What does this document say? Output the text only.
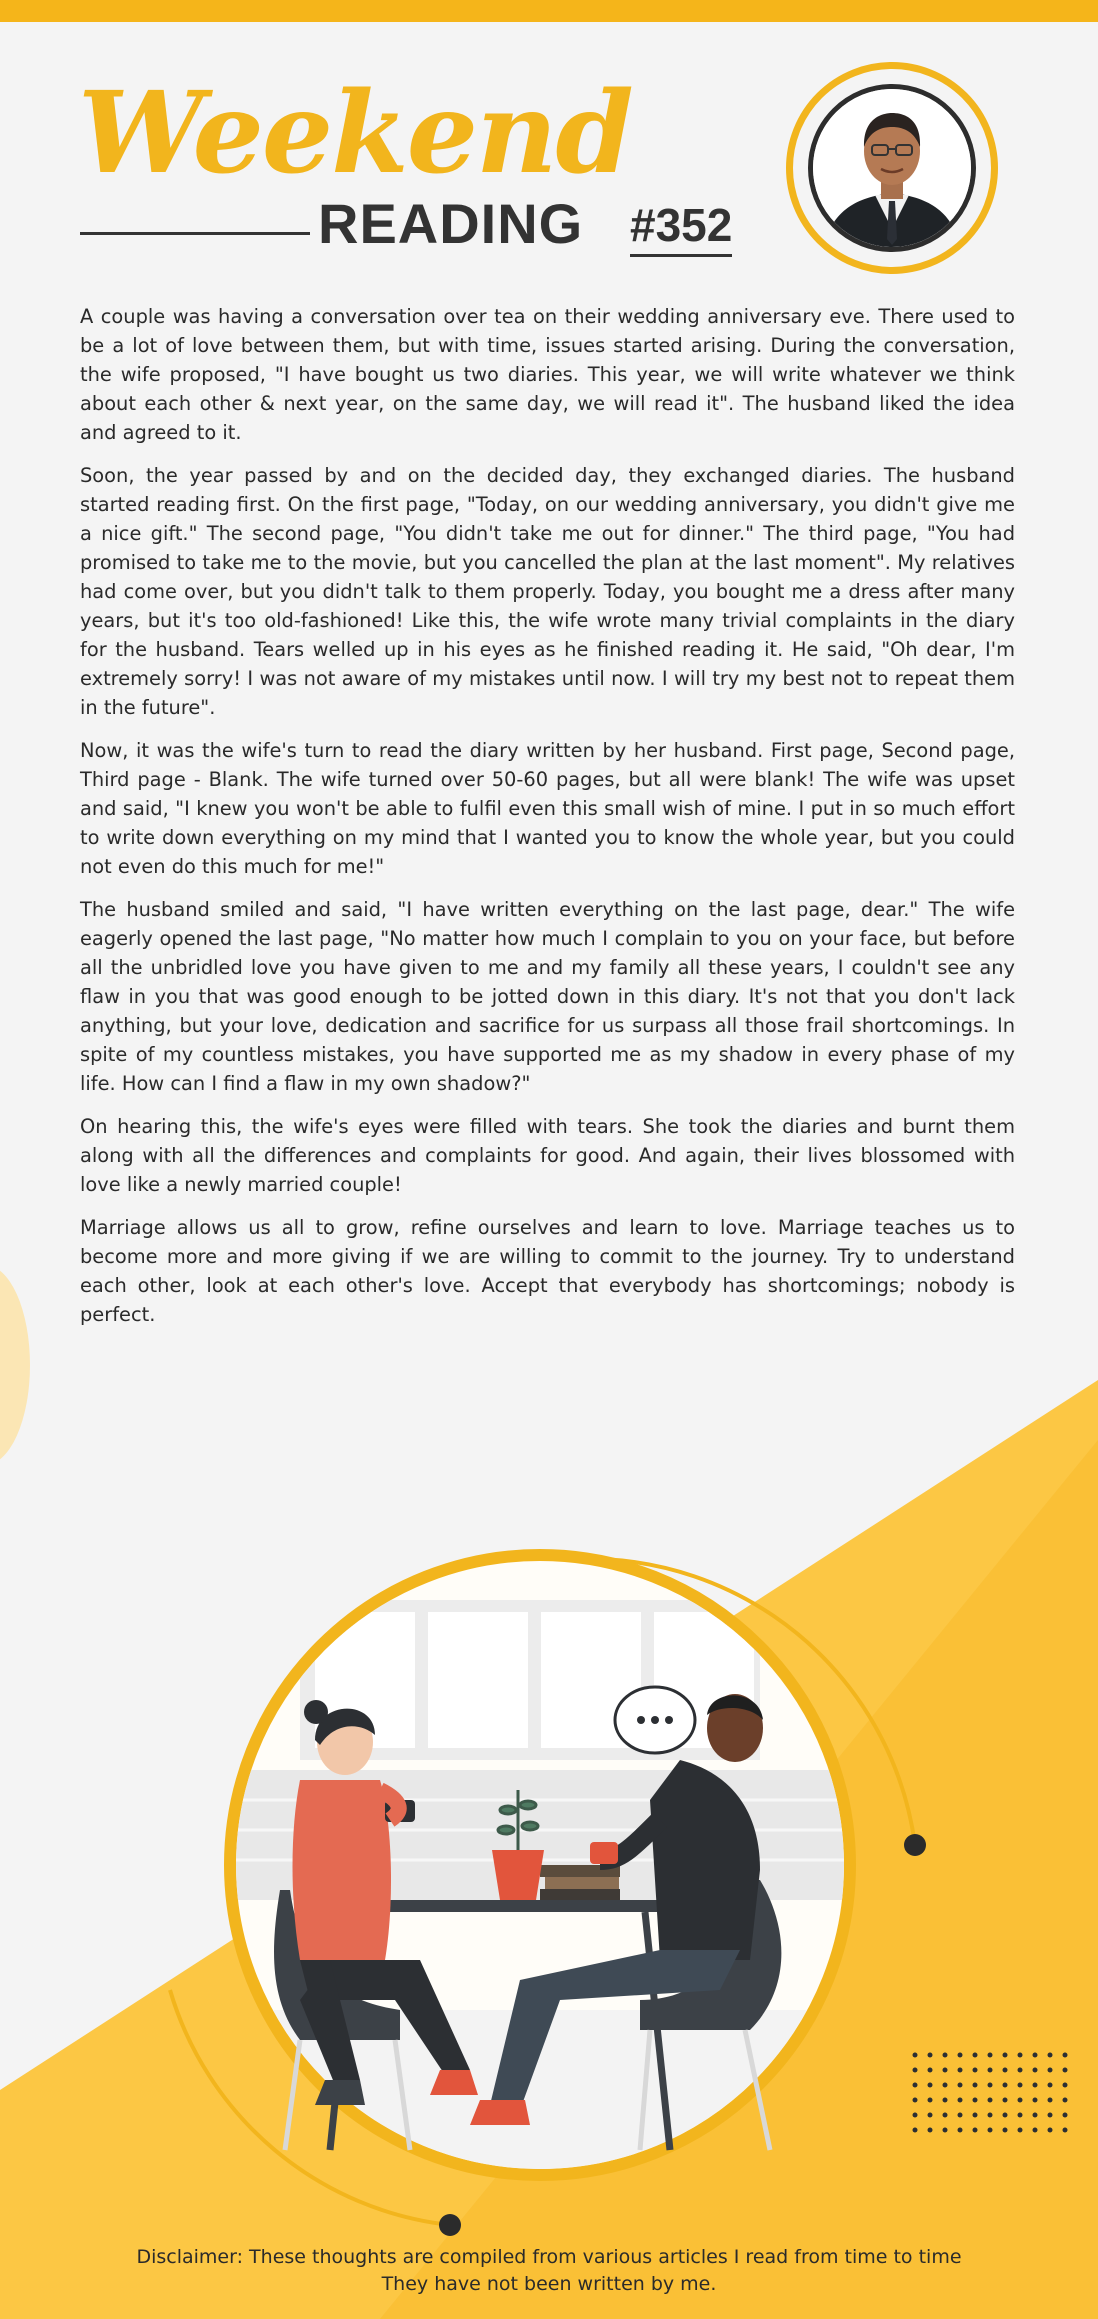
Weekend
READING #352

A couple was having a conversation over tea on their wedding anniversary eve. There used to be a lot of love between them, but with time, issues started arising. During the conversation, the wife proposed, "I have bought us two diaries. This year, we will write whatever we think about each other & next year, on the same day, we will read it". The husband liked the idea and agreed to it.

Soon, the year passed by and on the decided day, they exchanged diaries. The husband started reading first. On the first page, "Today, on our wedding anniversary, you didn't give me a nice gift." The second page, "You didn't take me out for dinner." The third page, "You had promised to take me to the movie, but you cancelled the plan at the last moment". My relatives had come over, but you didn't talk to them properly. Today, you bought me a dress after many years, but it's too old-fashioned! Like this, the wife wrote many trivial complaints in the diary for the husband. Tears welled up in his eyes as he finished reading it. He said, "Oh dear, I'm extremely sorry! I was not aware of my mistakes until now. I will try my best not to repeat them in the future".

Now, it was the wife's turn to read the diary written by her husband. First page, Second page, Third page - Blank. The wife turned over 50-60 pages, but all were blank! The wife was upset and said, "I knew you won't be able to fulfil even this small wish of mine. I put in so much effort to write down everything on my mind that I wanted you to know the whole year, but you could not even do this much for me!"

The husband smiled and said, "I have written everything on the last page, dear." The wife eagerly opened the last page, "No matter how much I complain to you on your face, but before all the unbridled love you have given to me and my family all these years, I couldn't see any flaw in you that was good enough to be jotted down in this diary. It's not that you don't lack anything, but your love, dedication and sacrifice for us surpass all those frail shortcomings. In spite of my countless mistakes, you have supported me as my shadow in every phase of my life. How can I find a flaw in my own shadow?"

On hearing this, the wife's eyes were filled with tears. She took the diaries and burnt them along with all the differences and complaints for good. And again, their lives blossomed with love like a newly married couple!

Marriage allows us all to grow, refine ourselves and learn to love. Marriage teaches us to become more and more giving if we are willing to commit to the journey. Try to understand each other, look at each other's love. Accept that everybody has shortcomings; nobody is perfect.

Disclaimer: These thoughts are compiled from various articles I read from time to time
They have not been written by me.
